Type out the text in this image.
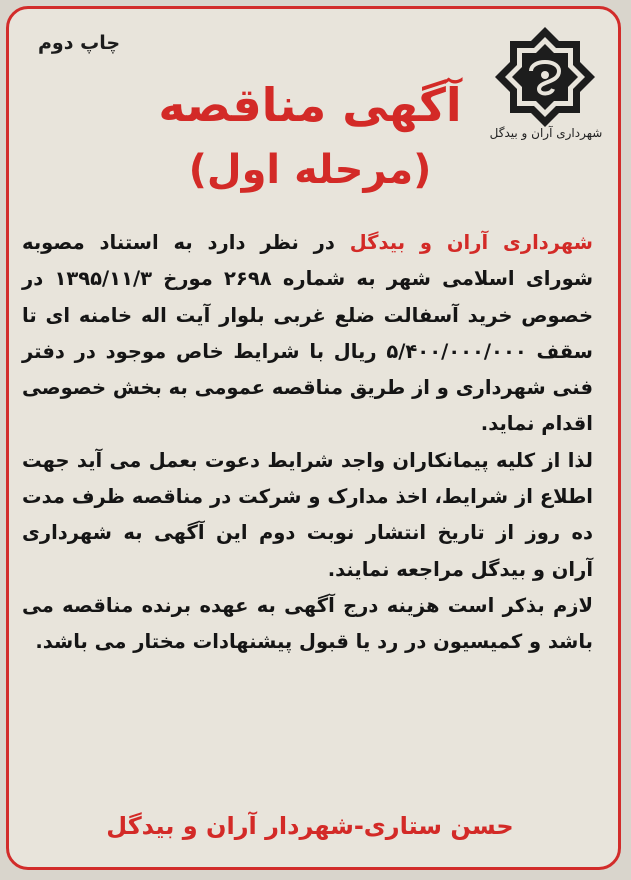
شهرداری آران و بیدگل
چاپ دوم
آگهی مناقصه
(مرحله اول)

شهرداری آران و بیدگل در نظر دارد به استناد مصوبه شورای اسلامی شهر به شماره ۲۶۹۸ مورخ ۱۳۹۵/۱۱/۳ در خصوص خرید آسفالت ضلع غربی بلوار آیت اله خامنه ای تا سقف ۵/۴۰۰/۰۰۰/۰۰۰ ریال با شرایط خاص موجود در دفتر فنی شهرداری و از طریق مناقصه عمومی به بخش خصوصی اقدام نماید.

لذا از کلیه پیمانکاران واجد شرایط دعوت بعمل می آید جهت اطلاع از شرایط، اخذ مدارک و شرکت در مناقصه ظرف مدت ده روز از تاریخ انتشار نوبت دوم این آگهی به شهرداری آران و بیدگل مراجعه نمایند.

لازم بذکر است هزینه درج آگهی به عهده برنده مناقصه می باشد و کمیسیون در رد یا قبول پیشنهادات مختار می باشد.

حسن ستاری-شهردار آران و بیدگل
